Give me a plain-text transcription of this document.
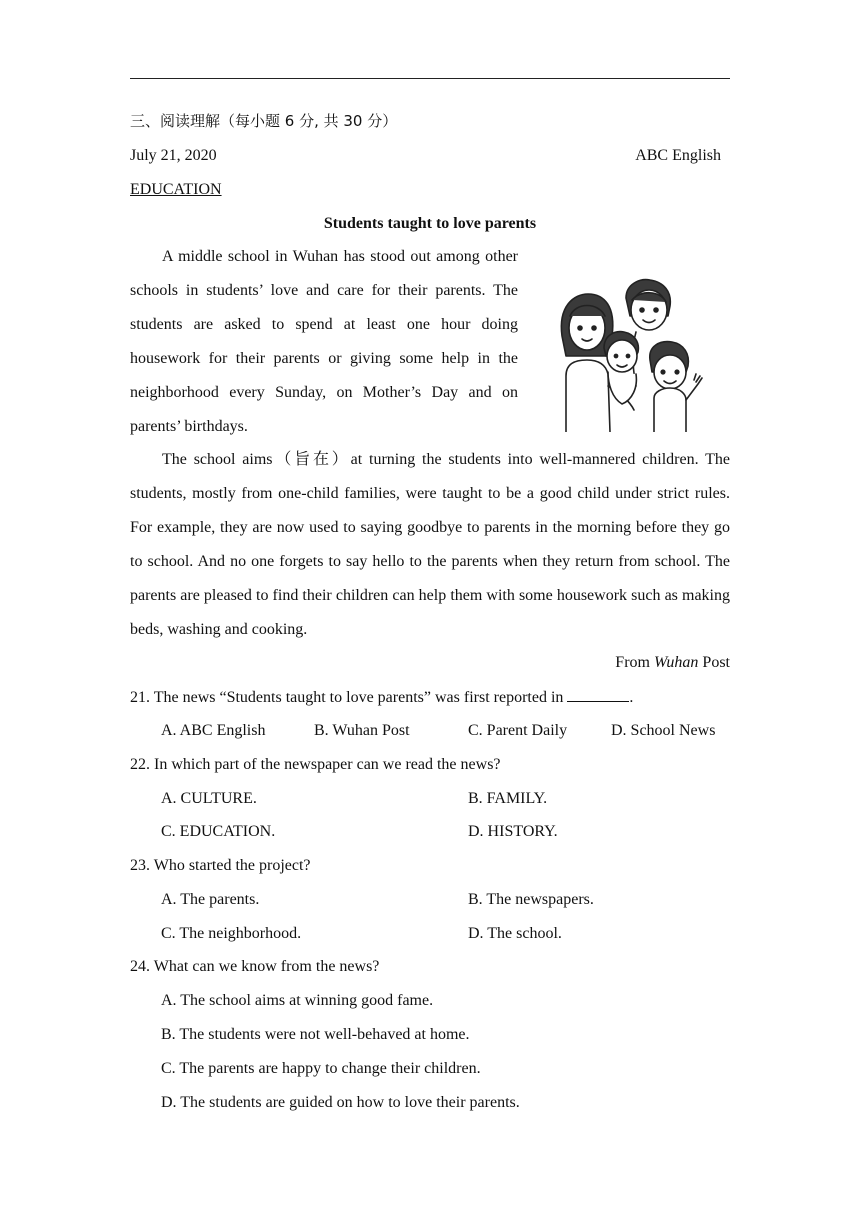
三、阅读理解（每小题 6 分, 共 30 分）
July 21, 2020	ABC English
EDUCATION
Students taught to love parents
A middle school in Wuhan has stood out among other schools in students’ love and care for their parents. The students are asked to spend at least one hour doing housework for their parents or giving some help in the neighborhood every Sunday, on Mother’s Day and on parents’ birthdays.
The school aims（旨在）at turning the students into well-mannered children. The students, mostly from one-child families, were taught to be a good child under strict rules. For example, they are now used to saying goodbye to parents in the morning before they go to school. And no one forgets to say hello to the parents when they return from school. The parents are pleased to find their children can help them with some housework such as making beds, washing and cooking.
From Wuhan Post
21. The news “Students taught to love parents” was first reported in	.
A. ABC English	B. Wuhan Post	C. Parent Daily	D. School News
22. In which part of the newspaper can we read the news?
A. CULTURE.	B. FAMILY.
C. EDUCATION.	D. HISTORY.
23. Who started the project?
A. The parents.	B. The newspapers.
C. The neighborhood.	D. The school.
24. What can we know from the news?
A. The school aims at winning good fame.
B. The students were not well-behaved at home.
C. The parents are happy to change their children.
D. The students are guided on how to love their parents.
